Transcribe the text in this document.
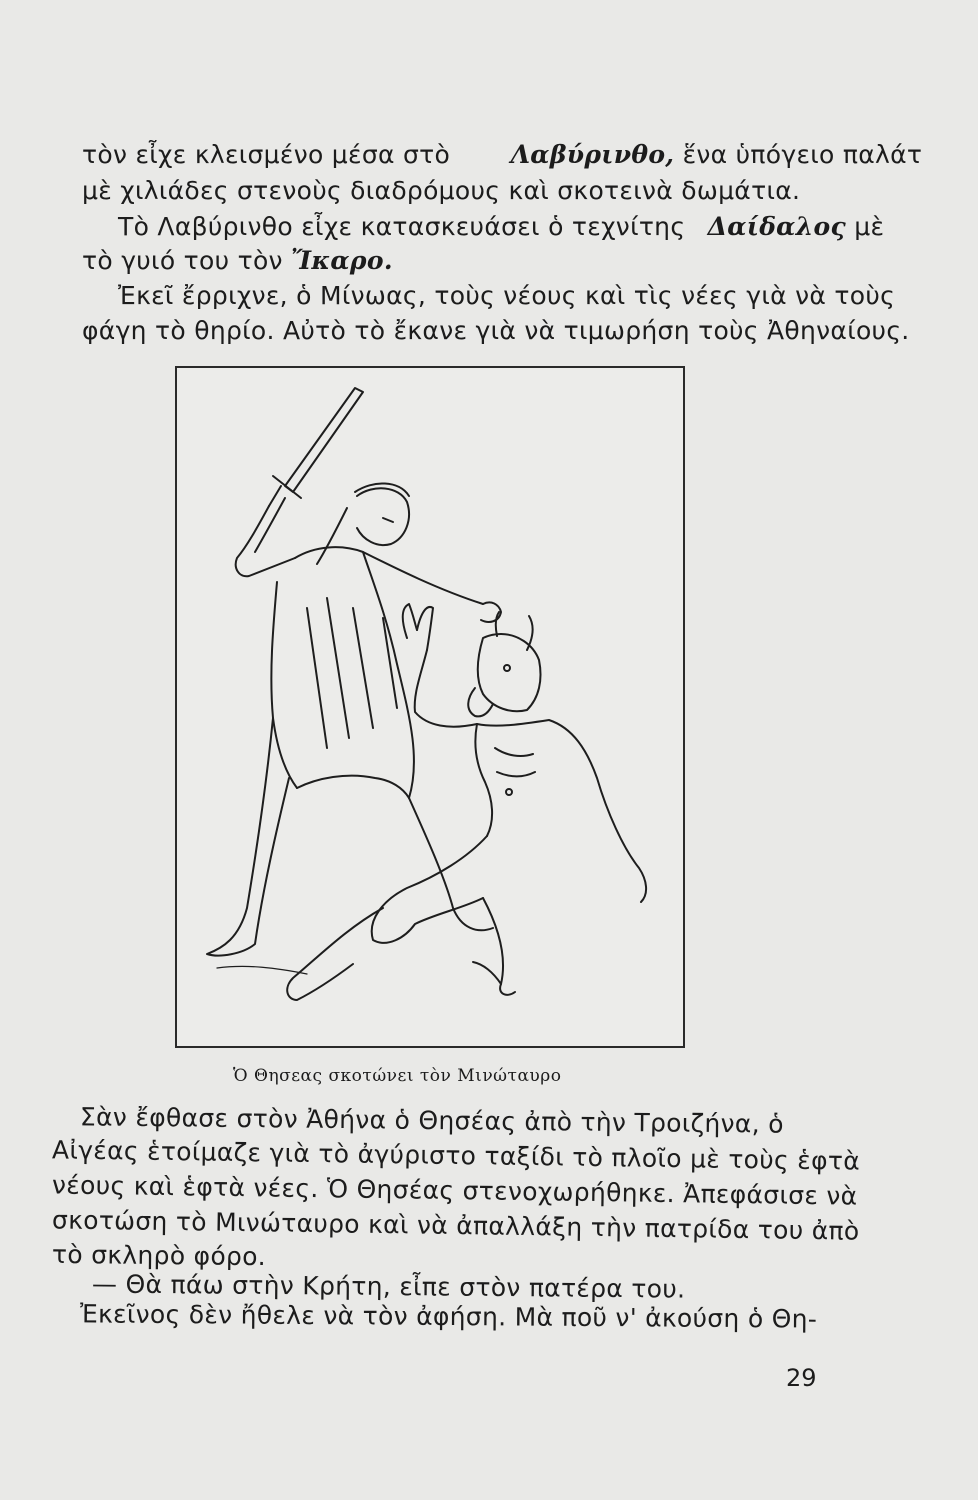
τὸν εἶχε κλεισμένο μέσα στὸ Λαβύρινθο, ἕνα ὑπόγειο παλάτ
μὲ χιλιάδες στενοὺς διαδρόμους καὶ σκοτεινὰ δωμάτια.
Τὸ Λαβύρινθο εἶχε κατασκευάσει ὁ τεχνίτης Δαίδαλος μὲ
τὸ γυιό του τὸν Ἴκαρο.
Ἐκεῖ ἔρριχνε, ὁ Μίνωας, τοὺς νέους καὶ τὶς νέες γιὰ νὰ τοὺς
φάγη τὸ θηρίο. Αὐτὸ τὸ ἔκανε γιὰ νὰ τιμωρήση τοὺς Ἀθηναίους.
Ὁ Θησεας σκοτώνει τὸν Μινώταυρο
Σὰν ἔφθασε στὸν Ἀθήνα ὁ Θησέας ἀπὸ τὴν Τροιζήνα, ὁ
Αἰγέας ἑτοίμαζε γιὰ τὸ ἀγύριστο ταξίδι τὸ πλοῖο μὲ τοὺς ἑφτὰ
νέους καὶ ἑφτὰ νέες. Ὁ Θησέας στενοχωρήθηκε. Ἀπεφάσισε νὰ
σκοτώση τὸ Μινώταυρο καὶ νὰ ἀπαλλάξη τὴν πατρίδα του ἀπὸ
τὸ σκληρὸ φόρο.
— Θὰ πάω στὴν Κρήτη, εἶπε στὸν πατέρα του.
Ἐκεῖνος δὲν ἤθελε νὰ τὸν ἀφήση. Μὰ ποῦ ν' ἀκούση ὁ Θη-
29
